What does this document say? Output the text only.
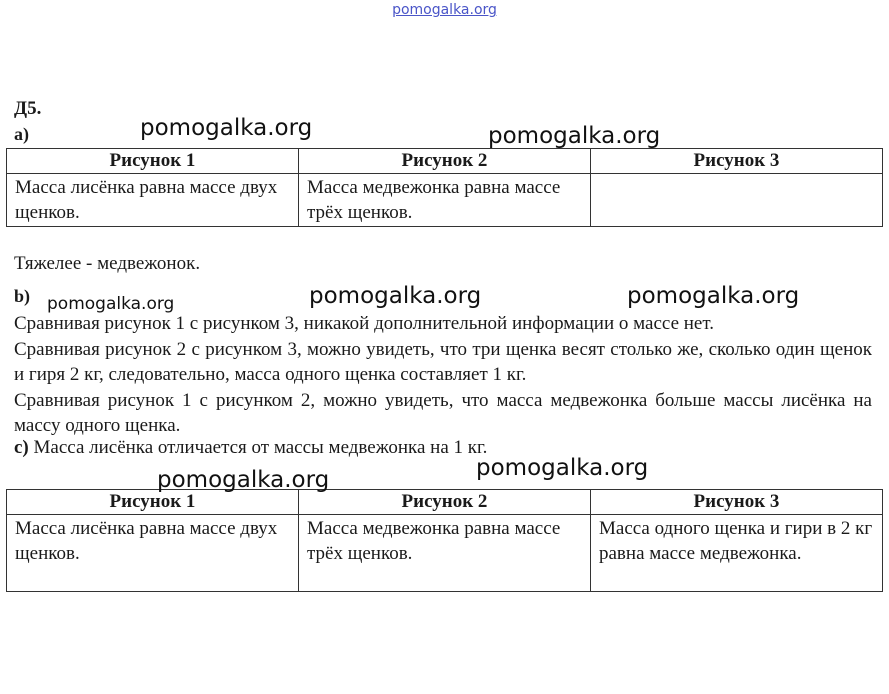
pomogalka.org
Д5.
а)
Рисунок 1	Рисунок 2	Рисунок 3
Масса лисёнка равна массе двух щенков.	Масса медвежонка равна массе трёх щенков.	
Тяжелее - медвежонок.
b)
Сравнивая рисунок 1 с рисунком 3, никакой дополнительной информации о массе нет.
Сравнивая рисунок 2 с рисунком 3, можно увидеть, что три щенка весят столько же, сколько один щенок и гиря 2 кг, следовательно, масса одного щенка составляет 1 кг.
Сравнивая рисунок 1 с рисунком 2, можно увидеть, что масса медвежонка больше массы лисёнка на массу одного щенка.
с) Масса лисёнка отличается от массы медвежонка на 1 кг.
Рисунок 1	Рисунок 2	Рисунок 3
Масса лисёнка равна массе двух щенков.	Масса медвежонка равна массе трёх щенков.	Масса одного щенка и гири в 2 кг равна массе медвежонка.
pomogalka.org	pomogalka.org
pomogalka.org	pomogalka.org	pomogalka.org
pomogalka.org
pomogalka.org
